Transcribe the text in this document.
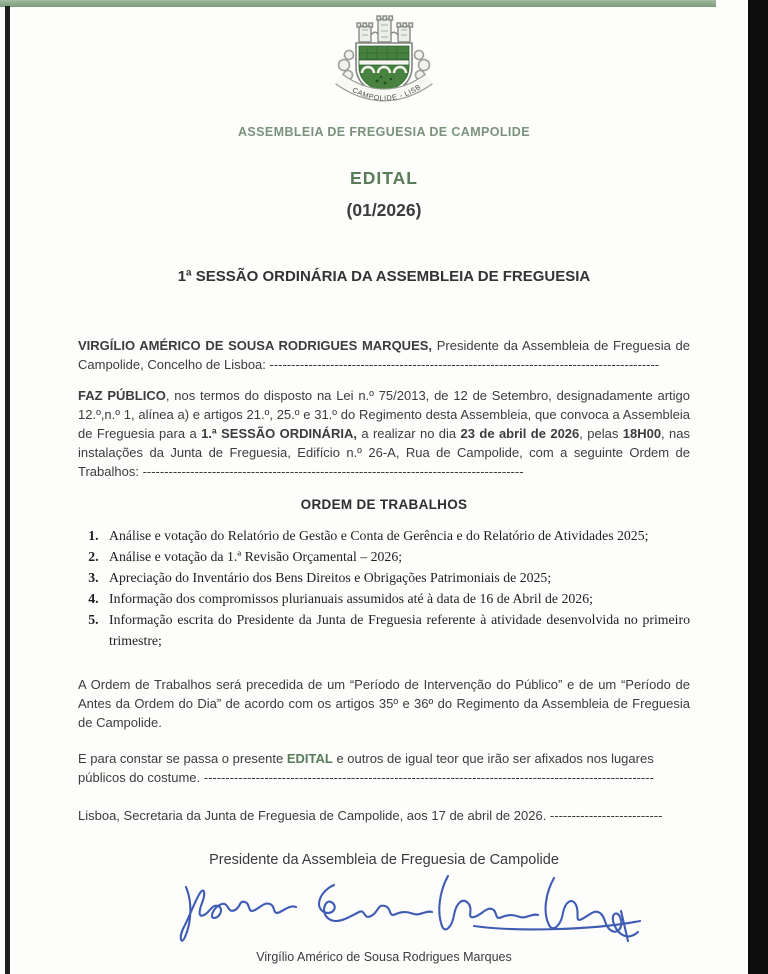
CAMPOLIDE - LISB
ASSEMBLEIA DE FREGUESIA DE CAMPOLIDE
EDITAL
(01/2026)
1ª SESSÃO ORDINÁRIA DA ASSEMBLEIA DE FREGUESIA

VIRGÍLIO AMÉRICO DE SOUSA RODRIGUES MARQUES, Presidente da Assembleia de Freguesia de Campolide, Concelho de Lisboa: ------------------------------------------------------------------------------------------

FAZ PÚBLICO, nos termos do disposto na Lei n.º 75/2013, de 12 de Setembro, designadamente artigo 12.º,n.º 1, alínea a) e artigos 21.º, 25.º e 31.º do Regimento desta Assembleia, que convoca a Assembleia de Freguesia para a 1.ª SESSÃO ORDINÁRIA, a realizar no dia 23 de abril de 2026, pelas 18H00, nas instalações da Junta de Freguesia, Edifício n.º 26-A, Rua de Campolide, com a seguinte Ordem de Trabalhos: ----------------------------------------------------------------------------------------

ORDEM DE TRABALHOS
1. Análise e votação do Relatório de Gestão e Conta de Gerência e do Relatório de Atividades 2025;
2. Análise e votação da 1.ª Revisão Orçamental – 2026;
3. Apreciação do Inventário dos Bens Direitos e Obrigações Patrimoniais de 2025;
4. Informação dos compromissos plurianuais assumidos até à data de 16 de Abril de 2026;
5. Informação escrita do Presidente da Junta de Freguesia referente à atividade desenvolvida no primeiro trimestre;

A Ordem de Trabalhos será precedida de um “Período de Intervenção do Público” e de um “Período de Antes da Ordem do Dia” de acordo com os artigos 35º e 36º do Regimento da Assembleia de Freguesia de Campolide.

E para constar se passa o presente EDITAL e outros de igual teor que irão ser afixados nos lugares públicos do costume. --------------------------------------------------------------------------------------------------------

Lisboa, Secretaria da Junta de Freguesia de Campolide, aos 17 de abril de 2026. --------------------------

Presidente da Assembleia de Freguesia de Campolide
Virgílio Américo de Sousa Rodrigues Marques
